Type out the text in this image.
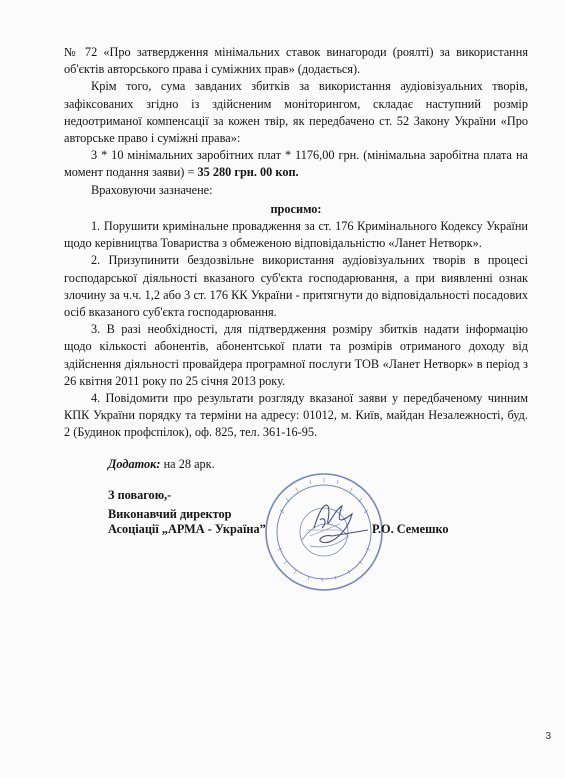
№ 72 «Про затвердження мінімальних ставок винагороди (роялті) за використання об'єктів авторського права і суміжних прав» (додається).

Крім того, сума завданих збитків за використання аудіовізуальних творів, зафіксованих згідно із здійсненим моніторингом, складає наступний розмір недоотриманої компенсації за кожен твір, як передбачено ст. 52 Закону України «Про авторське право і суміжні права»:

3 * 10 мінімальних заробітних плат * 1176,00 грн. (мінімальна заробітна плата на момент подання заяви) = 35 280 грн. 00 коп.

Враховуючи зазначене:

просимо:

1. Порушити кримінальне провадження за ст. 176 Кримінального Кодексу України щодо керівництва Товариства з обмеженою відповідальністю «Ланет Нетворк».

2. Призупинити бездозвільне використання аудіовізуальних творів в процесі господарської діяльності вказаного суб'єкта господарювання, а при виявленні ознак злочину за ч.ч. 1,2 або 3 ст. 176 КК України - притягнути до відповідальності посадових осіб вказаного суб'єкта господарювання.

3. В разі необхідності, для підтвердження розміру збитків надати інформацію щодо кількості абонентів, абонентської плати та розмірів отриманого доходу від здійснення діяльності провайдера програмної послуги ТОВ «Ланет Нетворк» в період з 26 квітня 2011 року по 25 січня 2013 року.

4. Повідомити про результати розгляду вказаної заяви у передбаченому чинним КПК України порядку та терміни на адресу: 01012, м. Київ, майдан Незалежності, буд. 2 (Будинок профспілок), оф. 825, тел. 361-16-95.

Додаток: на 28 арк.

З повагою,-

Виконавчий директор
Асоціації „АРМА - Україна”	Р.О. Семешко
3
